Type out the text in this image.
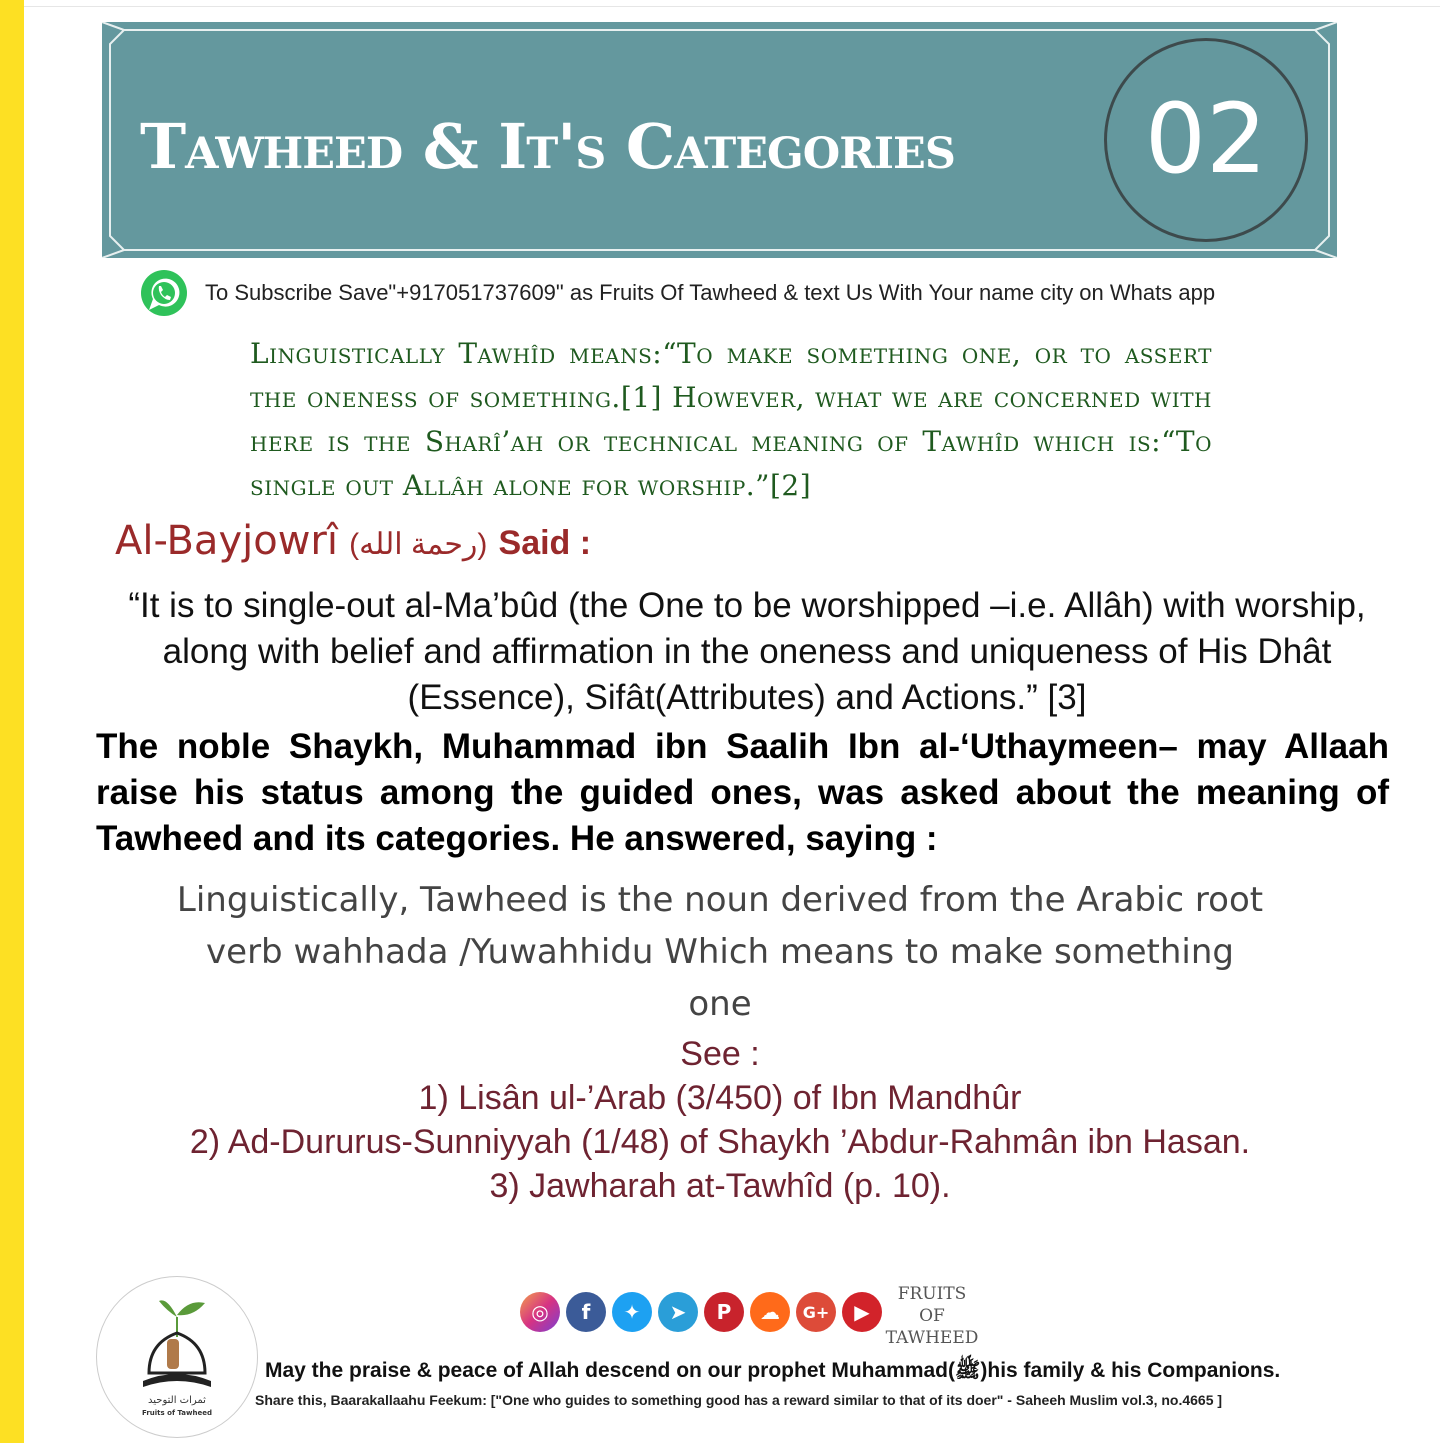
Tawheed & It's Categories	02
To Subscribe Save"+917051737609" as Fruits Of Tawheed & text Us With Your name city on Whats app
Linguistically Tawhîd means:“To make something one, or to assert the oneness of something.[1] However, what we are concerned with here is the Sharî’ah or technical meaning of Tawhîd which is:“To single out Allâh alone for worship.”[2]
Al-Bayjowrî (رحمة الله) Said :
“It is to single-out al-Ma’bûd (the One to be worshipped –i.e. Allâh) with worship, along with belief and affirmation in the oneness and uniqueness of His Dhât (Essence), Sifât(Attributes) and Actions.” [3]
The noble Shaykh, Muhammad ibn Saalih Ibn al-‘Uthaymeen– may Allaah raise his status among the guided ones, was asked about the meaning of Tawheed and its categories. He answered, saying :
Linguistically, Tawheed is the noun derived from the Arabic root verb wahhada /Yuwahhidu Which means to make something one
See :
1) Lisân ul-’Arab (3/450) of Ibn Mandhûr
2) Ad-Dururus-Sunniyyah (1/48) of Shaykh ’Abdur-Rahmân ibn Hasan.
3) Jawharah at-Tawhîd (p. 10).
ثمرات التوحيد
Fruits of Tawheed
◎	f	✦	➤	P	☁	G+	▶
FRUITS
OF
TAWHEED
May the praise & peace of Allah descend on our prophet Muhammad(ﷺ)his family & his Companions.
Share this, Baarakallaahu Feekum: ["One who guides to something good has a reward similar to that of its doer" - Saheeh Muslim vol.3, no.4665 ]
